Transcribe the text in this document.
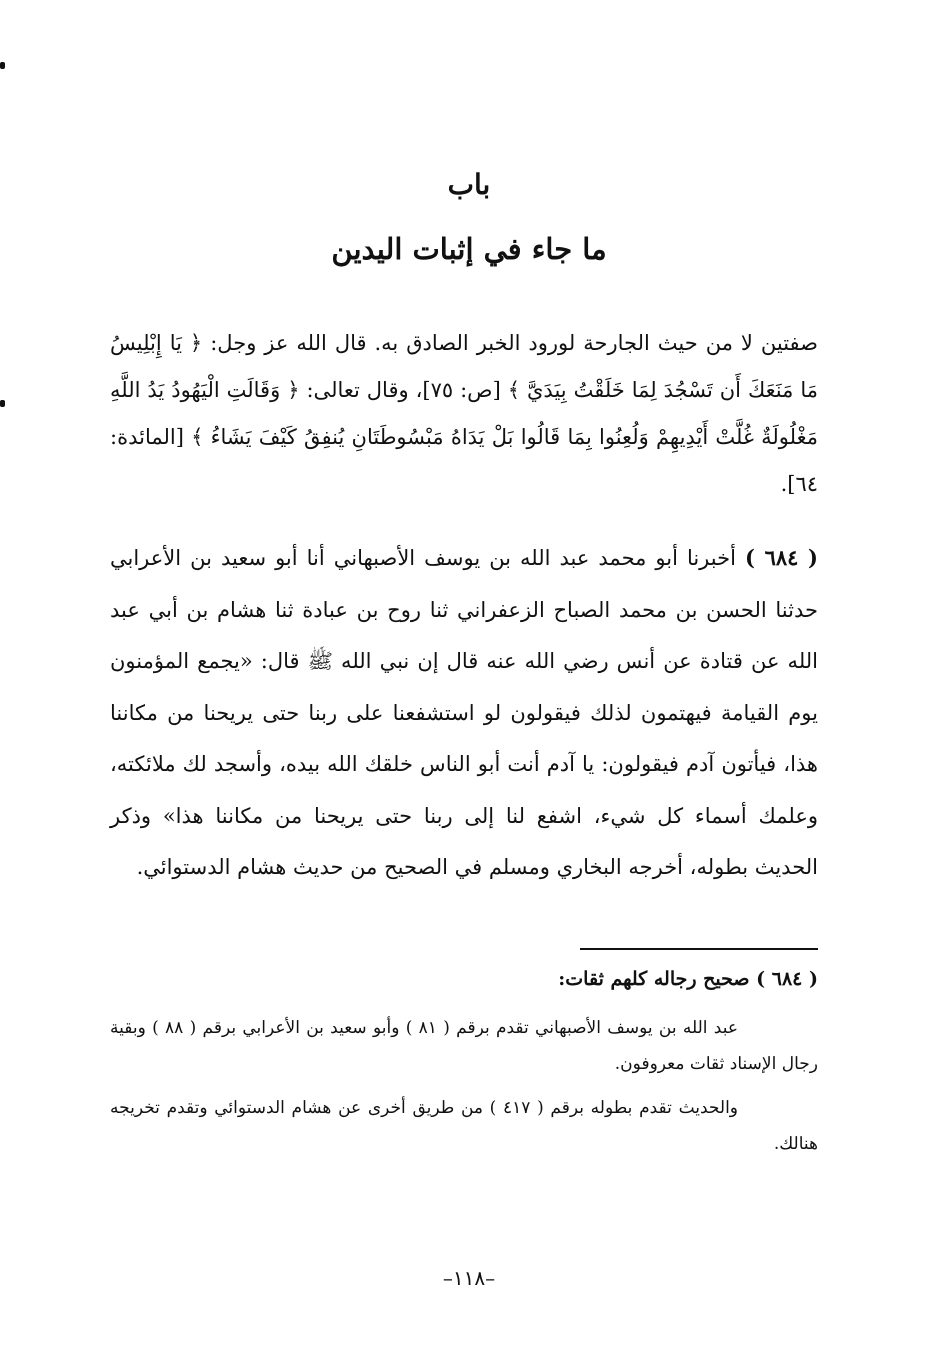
باب
ما جاء في إثبات اليدين

صفتين لا من حيث الجارحة لورود الخبر الصادق به. قال الله عز وجل: ﴿ يَا إِبْلِيسُ مَا مَنَعَكَ أَن تَسْجُدَ لِمَا خَلَقْتُ بِيَدَيَّ ﴾ [ص: ٧٥]، وقال تعالى: ﴿ وَقَالَتِ الْيَهُودُ يَدُ اللَّهِ مَغْلُولَةٌ غُلَّتْ أَيْدِيهِمْ وَلُعِنُوا بِمَا قَالُوا بَلْ يَدَاهُ مَبْسُوطَتَانِ يُنفِقُ كَيْفَ يَشَاءُ ﴾ [المائدة: ٦٤].

( ٦٨٤ ) أخبرنا أبو محمد عبد الله بن يوسف الأصبهاني أنا أبو سعيد بن الأعرابي حدثنا الحسن بن محمد الصباح الزعفراني ثنا روح بن عبادة ثنا هشام بن أبي عبد الله عن قتادة عن أنس رضي الله عنه قال إن نبي الله ﷺ قال: «يجمع المؤمنون يوم القيامة فيهتمون لذلك فيقولون لو استشفعنا على ربنا حتى يريحنا من مكاننا هذا، فيأتون آدم فيقولون: يا آدم أنت أبو الناس خلقك الله بيده، وأسجد لك ملائكته، وعلمك أسماء كل شيء، اشفع لنا إلى ربنا حتى يريحنا من مكاننا هذا» وذكر الحديث بطوله، أخرجه البخاري ومسلم في الصحيح من حديث هشام الدستوائي.

( ٦٨٤ ) صحيح رجاله كلهم ثقات:

عبد الله بن يوسف الأصبهاني تقدم برقم ( ٨١ ) وأبو سعيد بن الأعرابي برقم ( ٨٨ ) وبقية رجال الإسناد ثقات معروفون.

والحديث تقدم بطوله برقم ( ٤١٧ ) من طريق أخرى عن هشام الدستوائي وتقدم تخريجه هنالك.

–١١٨–
